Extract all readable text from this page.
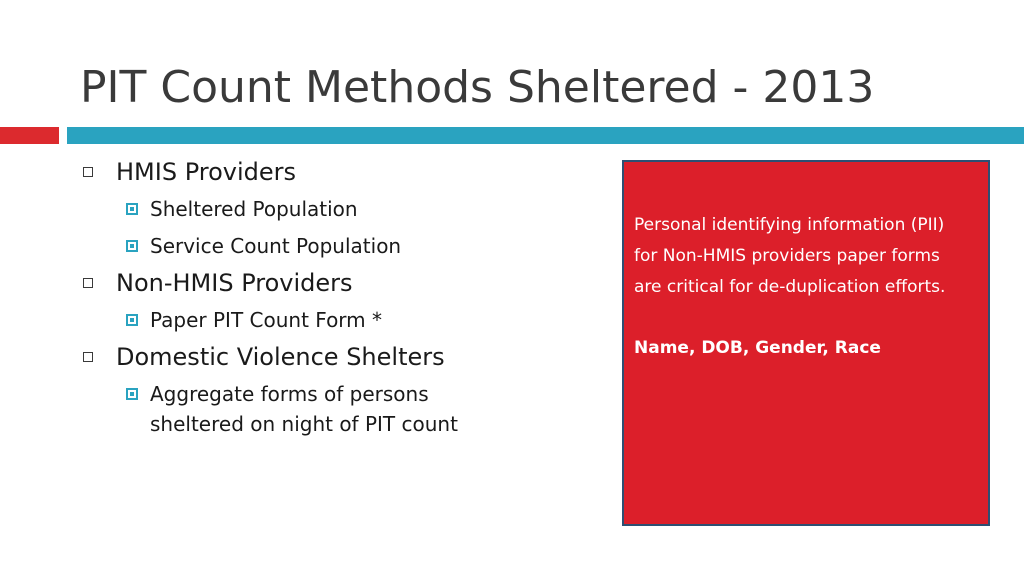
PIT Count Methods Sheltered - 2013
HMIS Providers
Sheltered Population
Service Count Population
Non-HMIS Providers
Paper PIT Count Form *
Domestic Violence Shelters
Aggregate forms of persons sheltered on night of PIT count

Personal identifying information (PII) for Non-HMIS providers paper forms are critical for de-duplication efforts.

Name, DOB, Gender, Race
